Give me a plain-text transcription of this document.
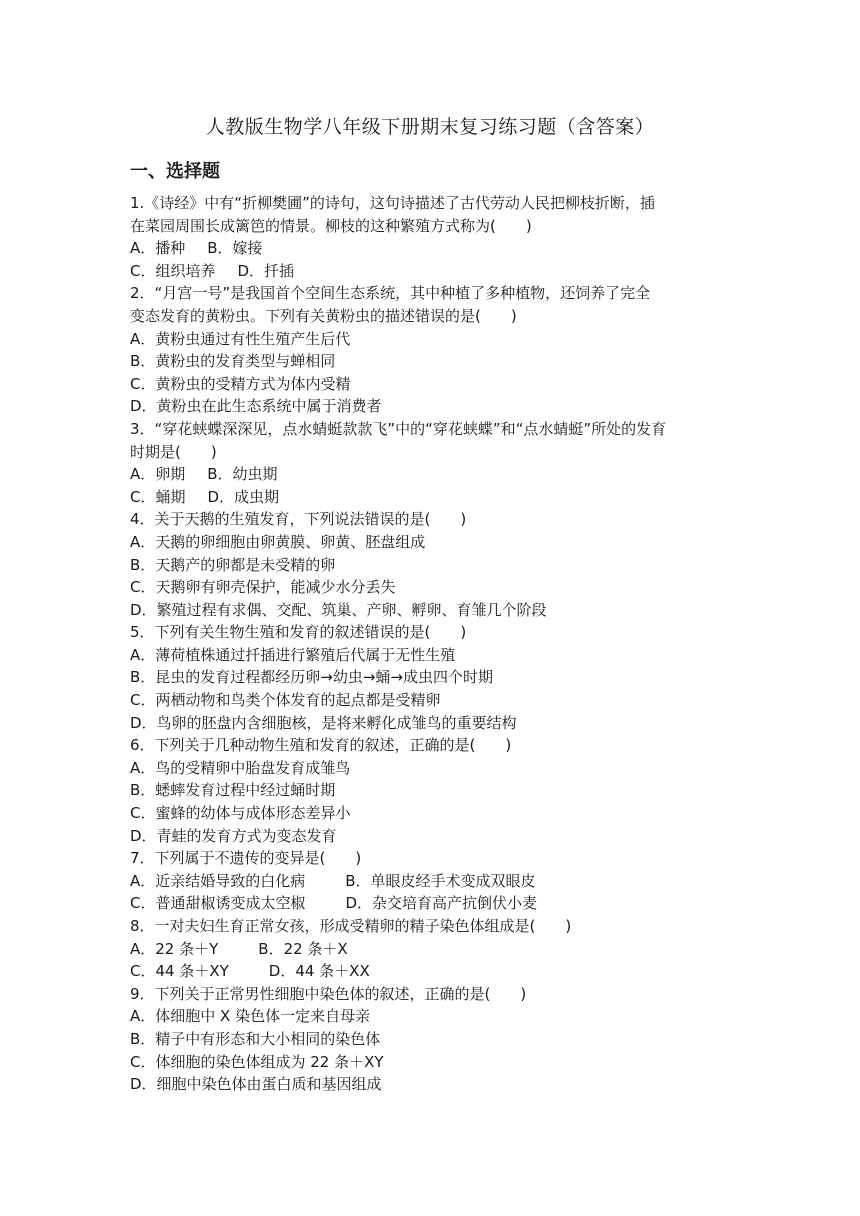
人教版生物学八年级下册期末复习练习题（含答案）
一、选择题

1.《诗经》中有“折柳樊圃”的诗句，这句诗描述了古代劳动人民把柳枝折断，插

在菜园周围长成篱笆的情景。柳枝的这种繁殖方式称为(　　)

A．播种 B．嫁接

C．组织培养 D．扦插

2．“月宫一号”是我国首个空间生态系统，其中种植了多种植物，还饲养了完全

变态发育的黄粉虫。下列有关黄粉虫的描述错误的是(　　)

A．黄粉虫通过有性生殖产生后代

B．黄粉虫的发育类型与蝉相同

C．黄粉虫的受精方式为体内受精

D．黄粉虫在此生态系统中属于消费者

3．“穿花蛱蝶深深见，点水蜻蜓款款飞”中的“穿花蛱蝶”和“点水蜻蜓”所处的发育

时期是(　　)

A．卵期 B．幼虫期

C．蛹期 D．成虫期

4．关于天鹅的生殖发育，下列说法错误的是(　　)

A．天鹅的卵细胞由卵黄膜、卵黄、胚盘组成

B．天鹅产的卵都是未受精的卵

C．天鹅卵有卵壳保护，能减少水分丢失

D．繁殖过程有求偶、交配、筑巢、产卵、孵卵、育雏几个阶段

5．下列有关生物生殖和发育的叙述错误的是(　　)

A．薄荷植株通过扦插进行繁殖后代属于无性生殖

B．昆虫的发育过程都经历卵→幼虫→蛹→成虫四个时期

C．两栖动物和鸟类个体发育的起点都是受精卵

D．鸟卵的胚盘内含细胞核，是将来孵化成雏鸟的重要结构

6．下列关于几种动物生殖和发育的叙述，正确的是(　　)

A．鸟的受精卵中胎盘发育成雏鸟

B．蟋蟀发育过程中经过蛹时期

C．蜜蜂的幼体与成体形态差异小

D．青蛙的发育方式为变态发育

7．下列属于不遗传的变异是(　　)

A．近亲结婚导致的白化病	B．单眼皮经手术变成双眼皮

C．普通甜椒诱变成太空椒	D．杂交培育高产抗倒伏小麦

8．一对夫妇生育正常女孩，形成受精卵的精子染色体组成是(　　)

A．22 条＋Y	B．22 条＋X

C．44 条＋XY	D．44 条＋XX

9．下列关于正常男性细胞中染色体的叙述，正确的是(　　)

A．体细胞中 X 染色体一定来自母亲

B．精子中有形态和大小相同的染色体

C．体细胞的染色体组成为 22 条＋XY

D．细胞中染色体由蛋白质和基因组成
